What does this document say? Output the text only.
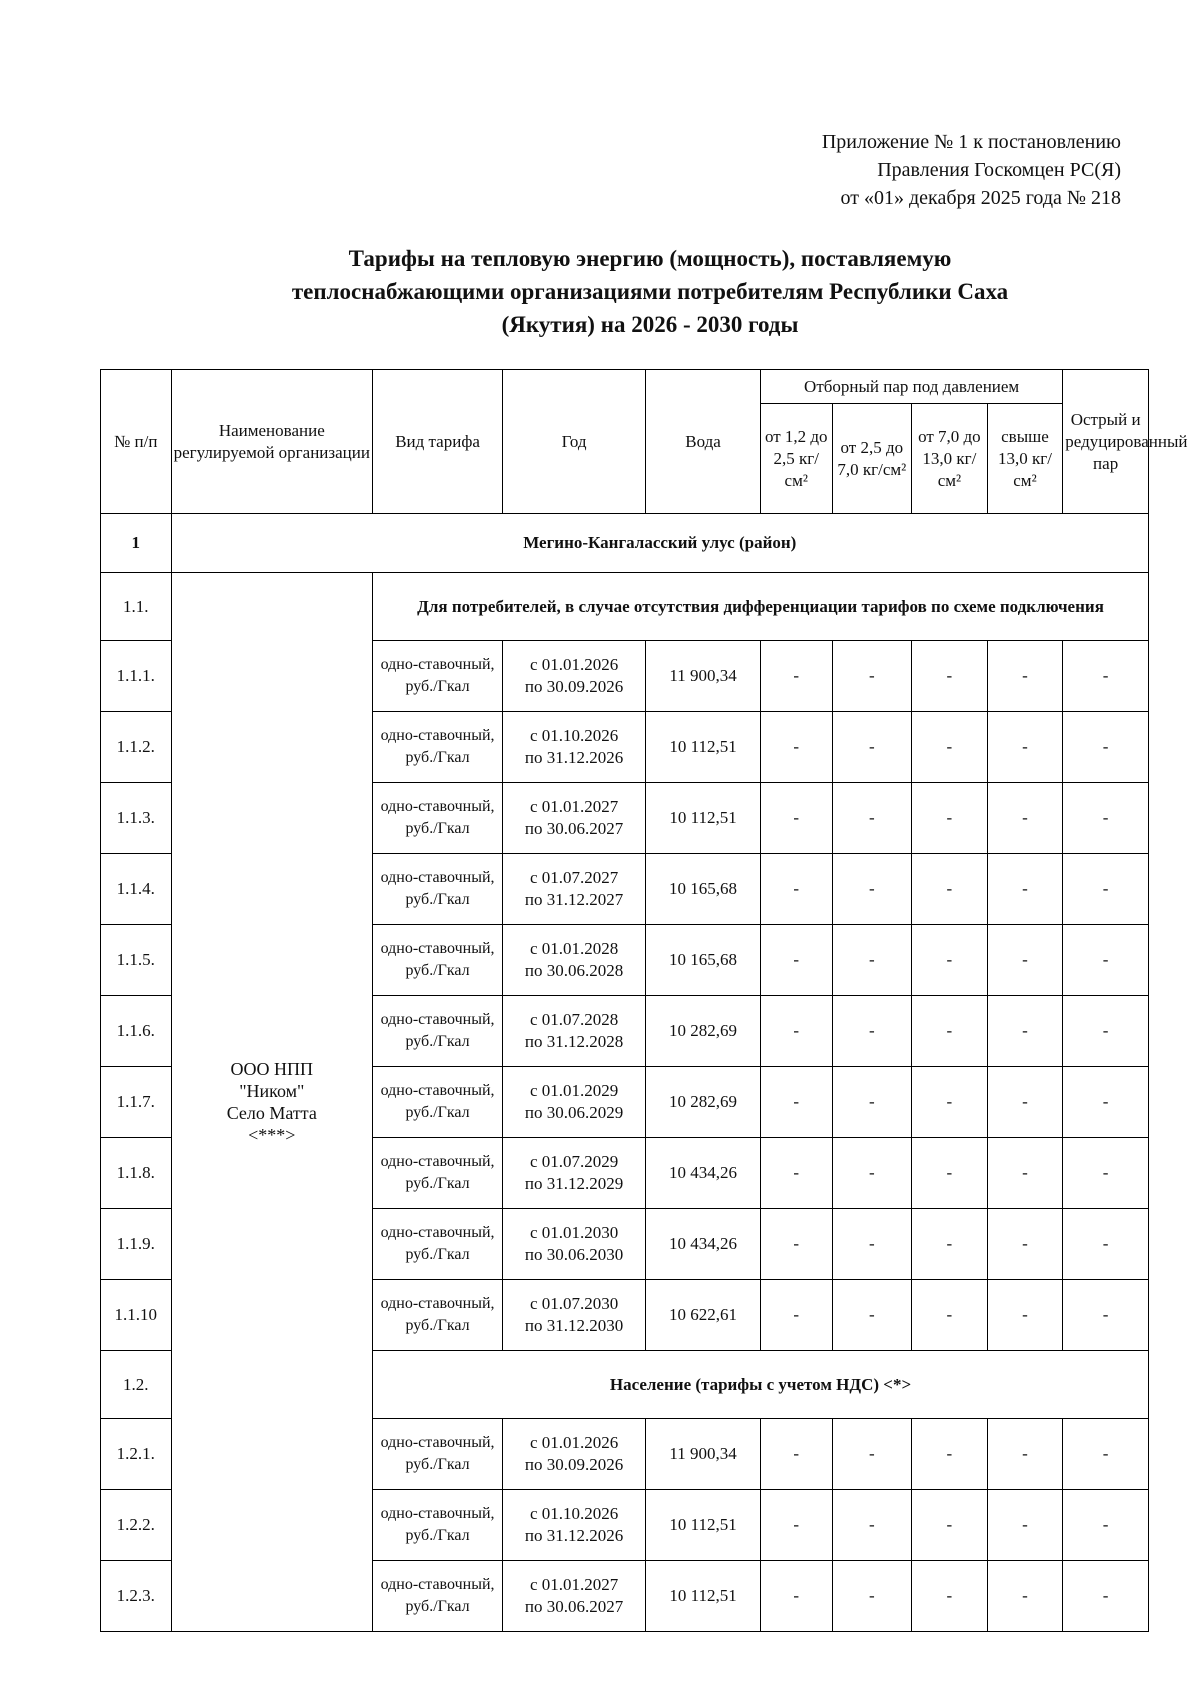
Приложение № 1 к постановлению
Правления Госкомцен РС(Я)
от «01» декабря 2025 года № 218
Тарифы на тепловую энергию (мощность), поставляемую
теплоснабжающими организациями потребителям Республики Саха
(Якутия) на 2026 - 2030 годы
№ п/п	Наименование регулируемой организации	Вид тарифа	Год	Вода	Отборный пар под давлением				Острый и редуцированный пар
					от 1,2 до 2,5 кг/см²	от 2,5 до 7,0 кг/см²	от 7,0 до 13,0 кг/см²	свыше 13,0 кг/см²	
1	Мегино-Кангаласский улус (район)								
1.1.	ООО НПП
"Ником"
Село Матта
<***>	Для потребителей, в случае отсутствия дифференциации тарифов по схеме подключения							
1.1.1.		одно-ставочный, руб./Гкал	с 01.01.2026
по 30.09.2026	11 900,34	-	-	-	-	-
1.1.2.		одно-ставочный, руб./Гкал	с 01.10.2026
по 31.12.2026	10 112,51	-	-	-	-	-
1.1.3.		одно-ставочный, руб./Гкал	с 01.01.2027
по 30.06.2027	10 112,51	-	-	-	-	-
1.1.4.		одно-ставочный, руб./Гкал	с 01.07.2027
по 31.12.2027	10 165,68	-	-	-	-	-
1.1.5.		одно-ставочный, руб./Гкал	с 01.01.2028
по 30.06.2028	10 165,68	-	-	-	-	-
1.1.6.		одно-ставочный, руб./Гкал	с 01.07.2028
по 31.12.2028	10 282,69	-	-	-	-	-
1.1.7.		одно-ставочный, руб./Гкал	с 01.01.2029
по 30.06.2029	10 282,69	-	-	-	-	-
1.1.8.		одно-ставочный, руб./Гкал	с 01.07.2029
по 31.12.2029	10 434,26	-	-	-	-	-
1.1.9.		одно-ставочный, руб./Гкал	с 01.01.2030
по 30.06.2030	10 434,26	-	-	-	-	-
1.1.10		одно-ставочный, руб./Гкал	с 01.07.2030
по 31.12.2030	10 622,61	-	-	-	-	-
1.2.		Население (тарифы с учетом НДС) <*>							
1.2.1.		одно-ставочный, руб./Гкал	с 01.01.2026
по 30.09.2026	11 900,34	-	-	-	-	-
1.2.2.		одно-ставочный, руб./Гкал	с 01.10.2026
по 31.12.2026	10 112,51	-	-	-	-	-
1.2.3.		одно-ставочный, руб./Гкал	с 01.01.2027
по 30.06.2027	10 112,51	-	-	-	-	-
